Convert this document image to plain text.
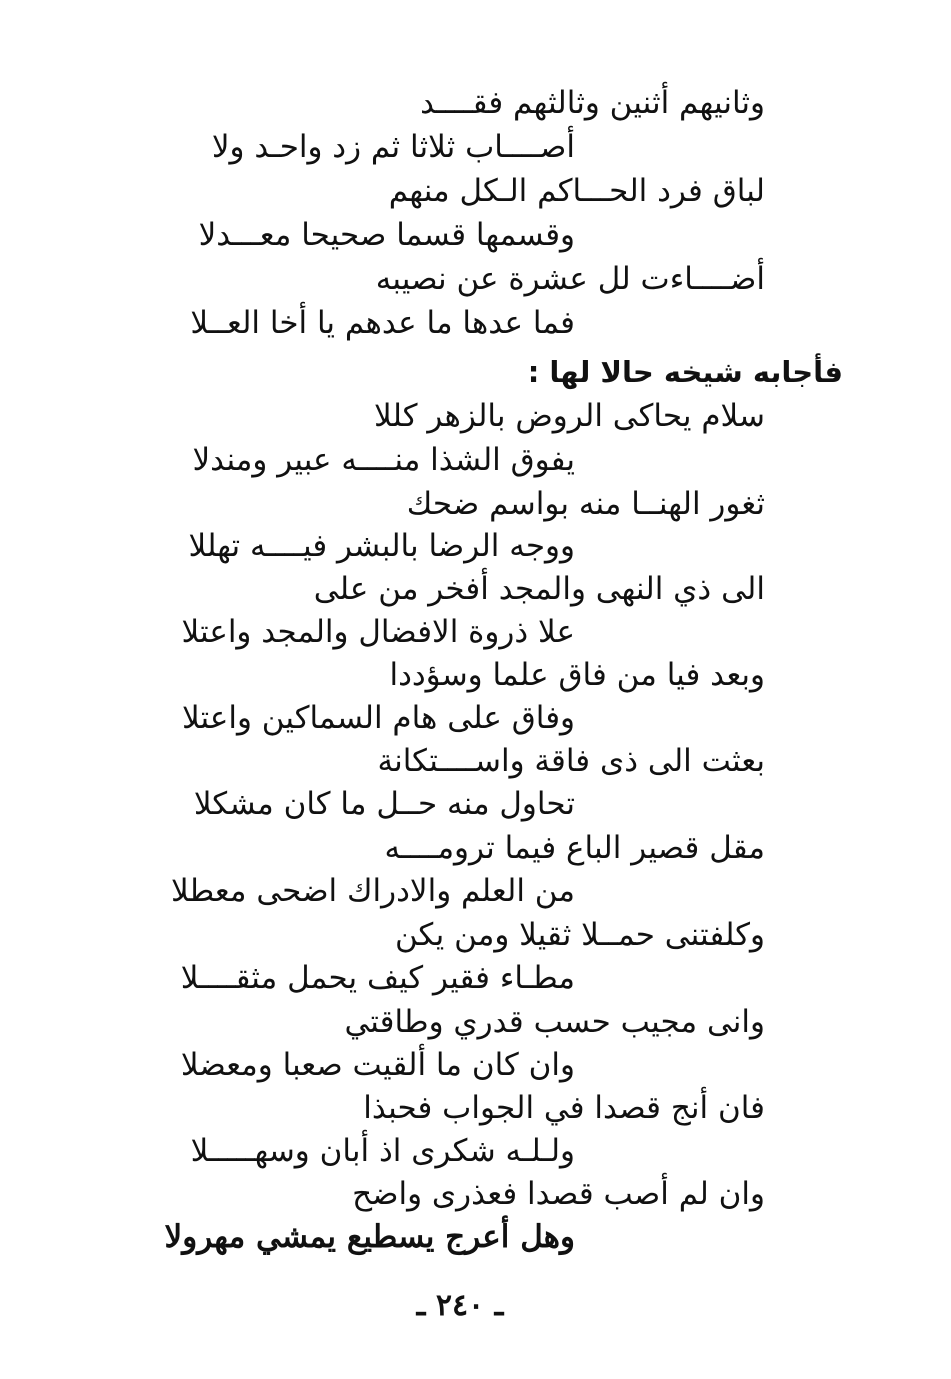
وثانيهم أثنين وثالثهم فقــــد
أصــــاب ثلاثا ثم زد واحـد ولا
لباق فرد الحـــاكم الـكل منهم
وقسمها قسما صحيحا معـــدلا
أضــــاءت لل عشرة عن نصيبه
فما عدها ما عدهم يا أخا العــلا
فأجابه شيخه حالا لها :
سلام يحاكى الروض بالزهر كللا
يفوق الشذا منــــه عبير ومندلا
ثغور الهنــا منه بواسم ضحك
ووجه الرضا بالبشر فيــــه تهللا
الى ذي النهى والمجد أفخر من على
علا ذروة الافضال والمجد واعتلا
وبعد فيا من فاق علما وسؤددا
وفاق على هام السماكين واعتلا
بعثت الى ذى فاقة واســــتكانة
تحاول منه حــل ما كان مشكلا
مقل قصير الباع فيما ترومــــه
من العلم والادراك اضحى معطلا
وكلفتنى حمــلا ثقيلا ومن يكن
مطـاء فقير كيف يحمل مثقــــلا
وانى مجيب حسب قدري وطاقتي
وان كان ما ألقيت صعبا ومعضلا
فان أنج قصدا في الجواب فحبذا
ولـلـه شكرى اذ أبان وسهـــــلا
وان لم أصب قصدا فعذرى واضح
وهل أعرج يسطيع يمشي مهرولا
ـ ٢٤٠ ـ
